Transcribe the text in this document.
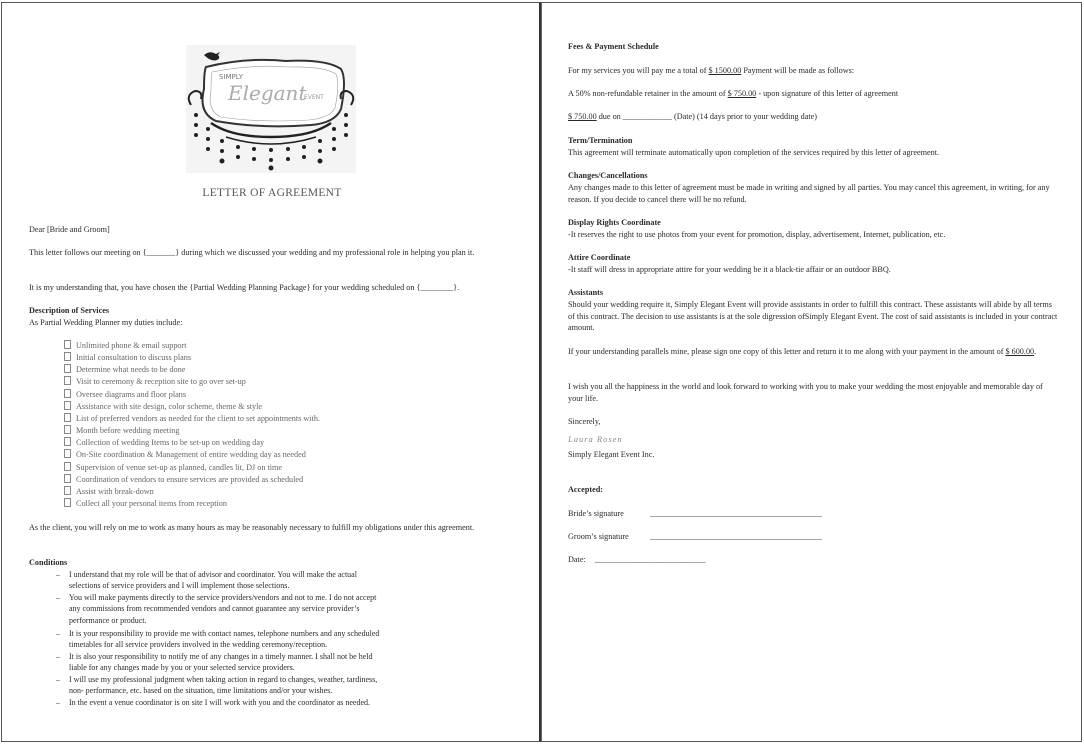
SIMPLY
Elegant
EVENT
LETTER OF AGREEMENT
Dear [Bride and Groom]
This letter follows our meeting on {_______} during which we discussed your wedding and my professional role in helping you plan it.
It is my understanding that, you have chosen the {Partial Wedding Planning Package} for your wedding scheduled on {________}.
Description of Services
As Partial Wedding Planner my duties include:
Unlimited phone & email support
Initial consultation to discuss plans
Determine what needs to be done
Visit to ceremony & reception site to go over set-up
Oversee diagrams and floor plans
Assistance with site design, color scheme, theme & style
List of preferred vendors as needed for the client to set appointments with.
Month before wedding meeting
Collection of wedding Items to be set-up on wedding day
On-Site coordination & Management of entire wedding day as needed
Supervision of venue set-up as planned, candles lit, DJ on time
Coordination of vendors to ensure services are provided as scheduled
Assist with break-down
Collect all your personal items from reception
As the client, you will rely on me to work as many hours as may be reasonably necessary to fulfill my obligations under this agreement.
Conditions
– I understand that my role will be that of advisor and coordinator. You will make the actual
selections of service providers and I will implement those selections.
– You will make payments directly to the service providers/vendors and not to me. I do not accept
any commissions from recommended vendors and cannot guarantee any service provider’s
performance or product.
– It is your responsibility to provide me with contact names, telephone numbers and any scheduled
timetables for all service providers involved in the wedding ceremony/reception.
– It is also your responsibility to notify me of any changes in a timely manner. I shall not be held
liable for any changes made by you or your selected service providers.
– I will use my professional judgment when taking action in regard to changes, weather, tardiness,
non- performance, etc. based on the situation, time limitations and/or your wishes.
– In the event a venue coordinator is on site I will work with you and the coordinator as needed.
Fees & Payment Schedule
For my services you will pay me a total of $ 1500.00 Payment will be made as follows:
A 50% non-refundable retainer in the amount of $ 750.00 - upon signature of this letter of agreement
$ 750.00 due on ____________ (Date) (14 days prior to your wedding date)
Term/Termination
This agreement will terminate automatically upon completion of the services required by this letter of agreement.
Changes/Cancellations
Any changes made to this letter of agreement must be made in writing and signed by all parties. You may cancel this agreement, in writing, for any reason. If you decide to cancel there will be no refund.
Display Rights Coordinate
-It reserves the right to use photos from your event for promotion, display, advertisement, Internet, publication, etc.
Attire Coordinate
-It staff will dress in appropriate attire for your wedding be it a black-tie affair or an outdoor BBQ.
Assistants
Should your wedding require it, Simply Elegant Event will provide assistants in order to fulfill this contract. These assistants will abide by all terms of this contract. The decision to use assistants is at the sole digression ofSimply Elegant Event. The cost of said assistants is included in your contract amount.
If your understanding parallels mine, please sign one copy of this letter and return it to me along with your payment in the amount of $ 600.00.
I wish you all the happiness in the world and look forward to working with you to make your wedding the most enjoyable and memorable day of your life.
Sincerely,
Simply Elegant Event Inc.
Accepted:
Bride’s signature	__________________________________________
Groom’s signature	__________________________________________
Date: ___________________________
Laura Rosen
